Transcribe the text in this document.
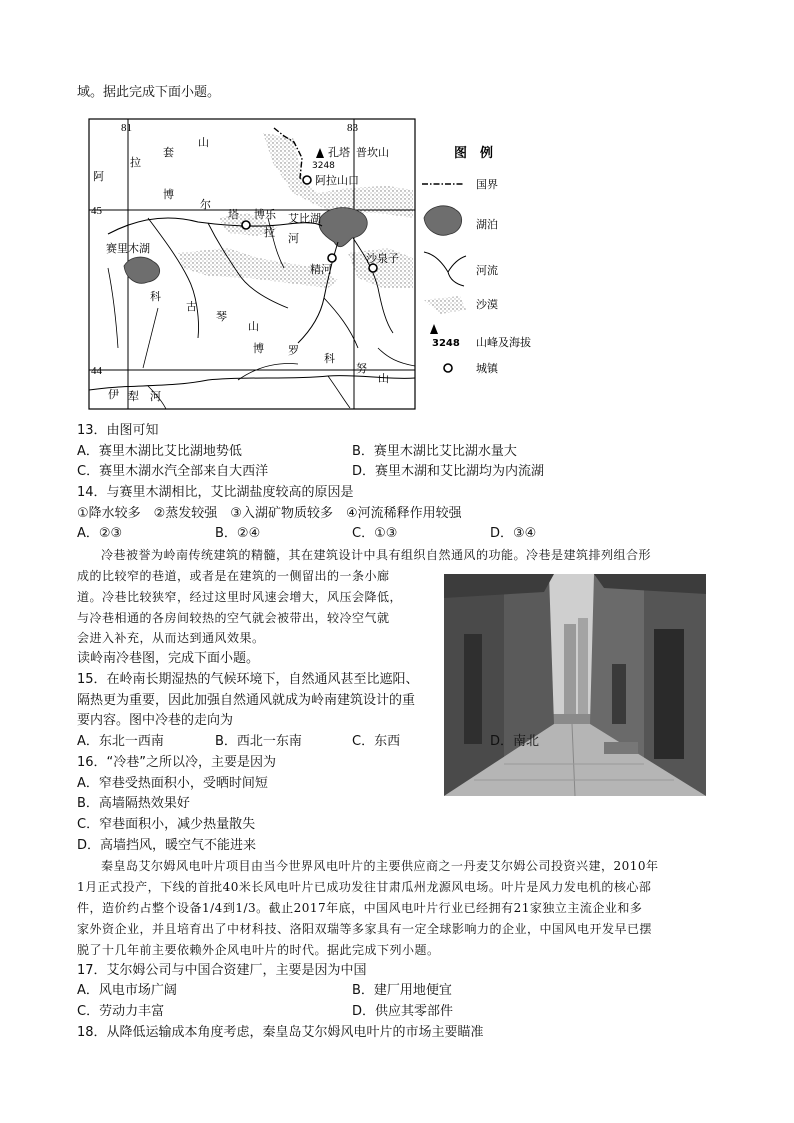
域。据此完成下面小题。
81	83
45
44
阿
拉
套
山
孔塔 普坎山
3248
阿拉山口
博
尔
塔 博乐
拉 河
艾比湖
赛里木湖
精河
沙泉子
科
古
琴
山
博 罗
科
努
山
伊 犁 河
图　例
国界
湖泊
河流
沙漠
3248 山峰及海拔
城镇
13．由图可知
A．赛里木湖比艾比湖地势低	B．赛里木湖比艾比湖水量大
C．赛里木湖水汽全部来自大西洋	D．赛里木湖和艾比湖均为内流湖
14．与赛里木湖相比，艾比湖盐度较高的原因是
①降水较多　②蒸发较强　③入湖矿物质较多　④河流稀释作用较强
A．②③	B．②④	C．①③	D．③④
冷巷被誉为岭南传统建筑的精髓，其在建筑设计中具有组织自然通风的功能。冷巷是建筑排列组合形
成的比较窄的巷道，或者是在建筑的一侧留出的一条小廊
道。冷巷比较狭窄，经过这里时风速会增大，风压会降低，
与冷巷相通的各房间较热的空气就会被带出，较冷空气就
会进入补充，从而达到通风效果。
读岭南冷巷图，完成下面小题。
D．南北
15．在岭南长期湿热的气候环境下，自然通风甚至比遮阳、
隔热更为重要，因此加强自然通风就成为岭南建筑设计的重
要内容。图中冷巷的走向为
A．东北一西南	B．西北一东南	C．东西
16．“冷巷”之所以冷，主要是因为
A．窄巷受热面积小，受晒时间短
B．高墙隔热效果好
C．窄巷面积小，减少热量散失
D．高墙挡风，暖空气不能进来
秦皇岛艾尔姆风电叶片项目由当今世界风电叶片的主要供应商之一丹麦艾尔姆公司投资兴建，2010年
1月正式投产，下线的首批40米长风电叶片已成功发往甘肃瓜州龙源风电场。叶片是风力发电机的核心部
件，造价约占整个设备1/4到1/3。截止2017年底，中国风电叶片行业已经拥有21家独立主流企业和多
家外资企业，并且培育出了中材科技、洛阳双瑞等多家具有一定全球影响力的企业，中国风电开发早已摆
脱了十几年前主要依赖外企风电叶片的时代。据此完成下列小题。
17．艾尔姆公司与中国合资建厂，主要是因为中国
A．风电市场广阔	B．建厂用地便宜
C．劳动力丰富	D．供应其零部件
18．从降低运输成本角度考虑，秦皇岛艾尔姆风电叶片的市场主要瞄准
